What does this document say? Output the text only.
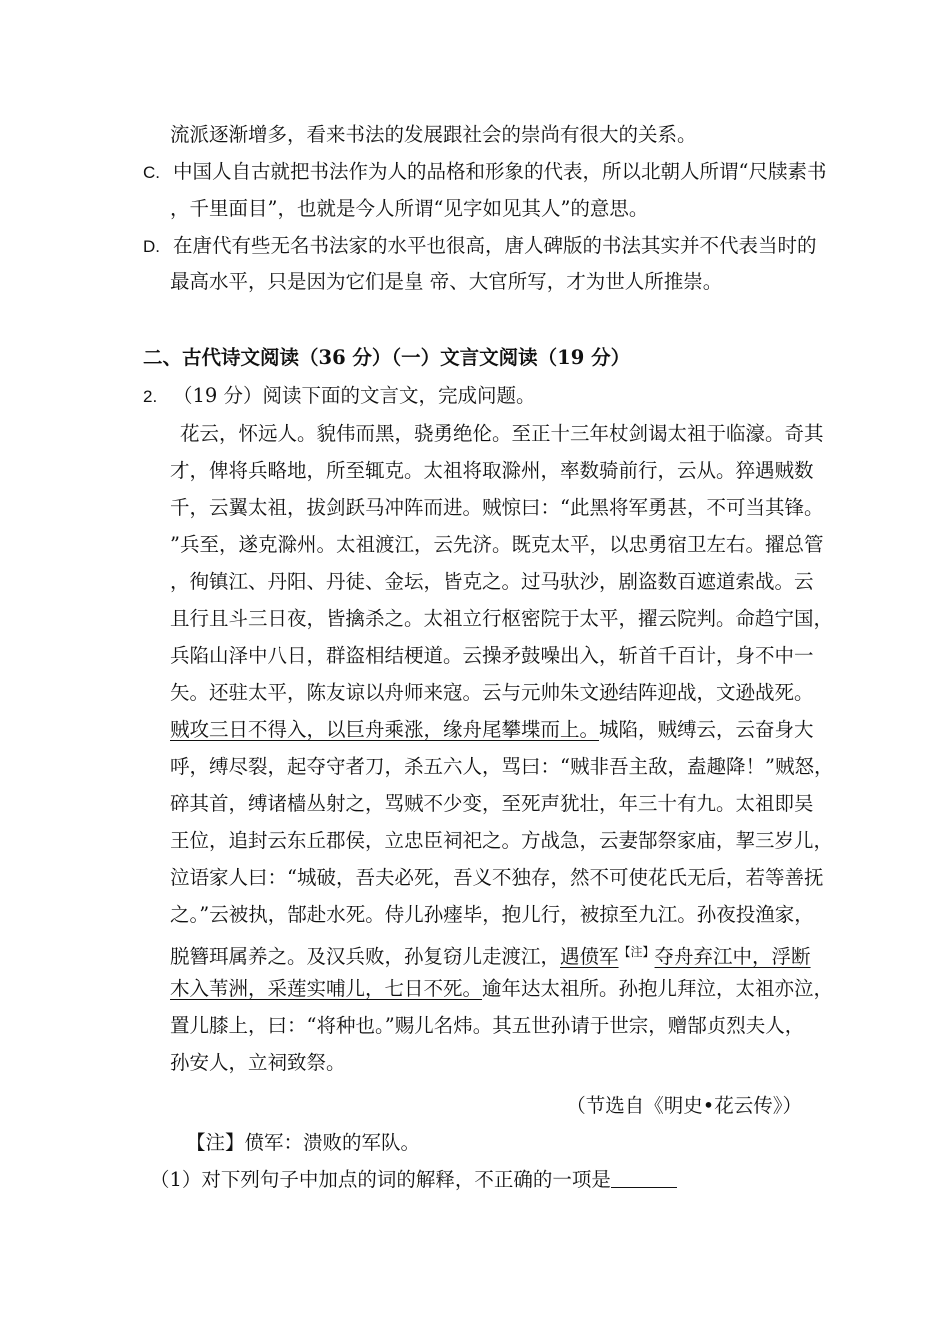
流派逐渐增多，看来书法的发展跟社会的崇尚有很大的关系。
C. 中国人自古就把书法作为人的品格和形象的代表，所以北朝人所谓“尺牍素书
，千里面目”，也就是今人所谓“见字如见其人”的意思。
D. 在唐代有些无名书法家的水平也很高，唐人碑版的书法其实并不代表当时的
最高水平，只是因为它们是皇 帝、大官所写，才为世人所推崇。
二、古代诗文阅读（36 分）（一）文言文阅读（19 分）
2. （19 分）阅读下面的文言文，完成问题。
花云，怀远人。貌伟而黑，骁勇绝伦。至正十三年杖剑谒太祖于临濠。奇其
才，俾将兵略地，所至辄克。太祖将取滁州，率数骑前行，云从。猝遇贼数
千，云翼太祖，拔剑跃马冲阵而进。贼惊曰：“此黑将军勇甚，不可当其锋。
”兵至，遂克滁州。太祖渡江，云先济。既克太平，以忠勇宿卫左右。擢总管
，徇镇江、丹阳、丹徒、金坛，皆克之。过马驮沙，剧盗数百遮道索战。云
且行且斗三日夜，皆擒杀之。太祖立行枢密院于太平，擢云院判。命趋宁国，
兵陷山泽中八日，群盗相结梗道。云操矛鼓噪出入，斩首千百计，身不中一
矢。还驻太平，陈友谅以舟师来寇。云与元帅朱文逊结阵迎战，文逊战死。
贼攻三日不得入，以巨舟乘涨，缘舟尾攀堞而上。城陷，贼缚云，云奋身大
呼，缚尽裂，起夺守者刀，杀五六人，骂曰：“贼非吾主敌，盍趣降！”贼怒，
碎其首，缚诸樯丛射之，骂贼不少变，至死声犹壮，年三十有九。太祖即吴
王位，追封云东丘郡侯，立忠臣祠祀之。方战急，云妻郜祭家庙，挈三岁儿，
泣语家人曰：“城破，吾夫必死，吾义不独存，然不可使花氏无后，若等善抚
之。”云被执，郜赴水死。侍儿孙瘗毕，抱儿行，被掠至九江。孙夜投渔家，
脱簪珥属养之。及汉兵败，孙复窃儿走渡江，遇偾军$^{【注】}$夺舟弃江中，浮断
木入苇洲，采莲实哺儿，七日不死。逾年达太祖所。孙抱儿拜泣，太祖亦泣，
置儿膝上，曰：“将种也。”赐儿名炜。其五世孙请于世宗，赠郜贞烈夫人，
孙安人，立祠致祭。
（节选自《明史•花云传》）
【注】偾军：溃败的军队。
（1）对下列句子中加点的词的解释，不正确的一项是
